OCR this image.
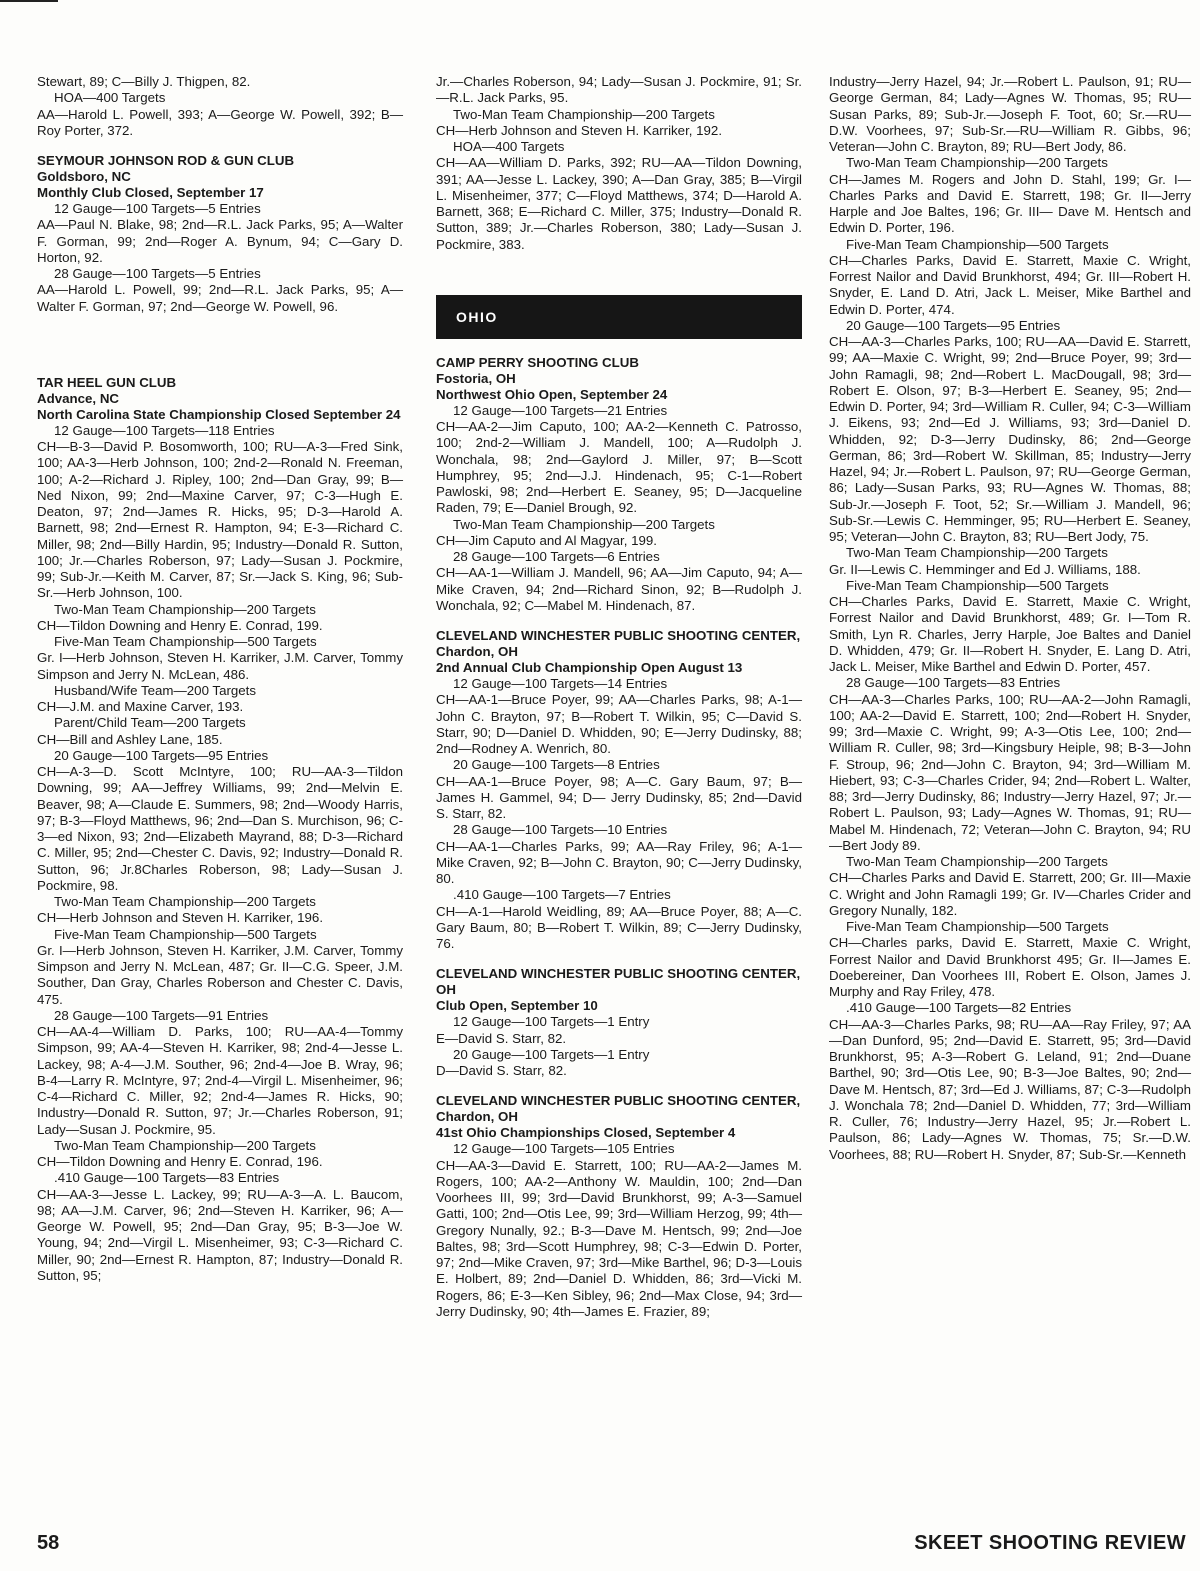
Stewart, 89; C—Billy J. Thigpen, 82.

HOA—400 Targets

AA—Harold L. Powell, 393; A—George W. Powell, 392; B—Roy Porter, 372.

SEYMOUR JOHNSON ROD & GUN CLUB

Goldsboro, NC

Monthly Club Closed, September 17

12 Gauge—100 Targets—5 Entries

AA—Paul N. Blake, 98; 2nd—R.L. Jack Parks, 95; A—Walter F. Gorman, 99; 2nd—Roger A. Bynum, 94; C—Gary D. Horton, 92.

28 Gauge—100 Targets—5 Entries

AA—Harold L. Powell, 99; 2nd—R.L. Jack Parks, 95; A—Walter F. Gorman, 97; 2nd—George W. Powell, 96.

TAR HEEL GUN CLUB

Advance, NC

North Carolina State Championship Closed September 24

12 Gauge—100 Targets—118 Entries

CH—B-3—David P. Bosomworth, 100; RU—A-3—Fred Sink, 100; AA-3—Herb Johnson, 100; 2nd-2—Ronald N. Freeman, 100; A-2—Richard J. Ripley, 100; 2nd—Dan Gray, 99; B—Ned Nixon, 99; 2nd—Maxine Carver, 97; C-3—Hugh E. Deaton, 97; 2nd—James R. Hicks, 95; D-3—Harold A. Barnett, 98; 2nd—Ernest R. Hampton, 94; E-3—Richard C. Miller, 98; 2nd—Billy Hardin, 95; Industry—Donald R. Sutton, 100; Jr.—Charles Roberson, 97; Lady—Susan J. Pockmire, 99; Sub-Jr.—Keith M. Carver, 87; Sr.—Jack S. King, 96; Sub-Sr.—Herb Johnson, 100.

Two-Man Team Championship—200 Targets

CH—Tildon Downing and Henry E. Conrad, 199.

Five-Man Team Championship—500 Targets

Gr. I—Herb Johnson, Steven H. Karriker, J.M. Carver, Tommy Simpson and Jerry N. McLean, 486.

Husband/Wife Team—200 Targets

CH—J.M. and Maxine Carver, 193.

Parent/Child Team—200 Targets

CH—Bill and Ashley Lane, 185.

20 Gauge—100 Targets—95 Entries

CH—A-3—D. Scott McIntyre, 100; RU—AA-3—Tildon Downing, 99; AA—Jeffrey Williams, 99; 2nd—Melvin E. Beaver, 98; A—Claude E. Summers, 98; 2nd—Woody Harris, 97; B-3—Floyd Matthews, 96; 2nd—Dan S. Murchison, 96; C-3—ed Nixon, 93; 2nd—Elizabeth Mayrand, 88; D-3—Richard C. Miller, 95; 2nd—Chester C. Davis, 92; Industry—Donald R. Sutton, 96; Jr.8Charles Roberson, 98; Lady—Susan J. Pockmire, 98.

Two-Man Team Championship—200 Targets

CH—Herb Johnson and Steven H. Karriker, 196.

Five-Man Team Championship—500 Targets

Gr. I—Herb Johnson, Steven H. Karriker, J.M. Carver, Tommy Simpson and Jerry N. McLean, 487; Gr. II—C.G. Speer, J.M. Souther, Dan Gray, Charles Roberson and Chester C. Davis, 475.

28 Gauge—100 Targets—91 Entries

CH—AA-4—William D. Parks, 100; RU—AA-4—Tommy Simpson, 99; AA-4—Steven H. Karriker, 98; 2nd-4—Jesse L. Lackey, 98; A-4—J.M. Souther, 96; 2nd-4—Joe B. Wray, 96; B-4—Larry R. McIntyre, 97; 2nd-4—Virgil L. Misenheimer, 96; C-4—Richard C. Miller, 92; 2nd-4—James R. Hicks, 90; Industry—Donald R. Sutton, 97; Jr.—Charles Roberson, 91; Lady—Susan J. Pockmire, 95.

Two-Man Team Championship—200 Targets

CH—Tildon Downing and Henry E. Conrad, 196.

.410 Gauge—100 Targets—83 Entries

CH—AA-3—Jesse L. Lackey, 99; RU—A-3—A. L. Baucom, 98; AA—J.M. Carver, 96; 2nd—Steven H. Karriker, 96; A—George W. Powell, 95; 2nd—Dan Gray, 95; B-3—Joe W. Young, 94; 2nd—Virgil L. Misenheimer, 93; C-3—Richard C. Miller, 90; 2nd—Ernest R. Hampton, 87; Industry—Donald R. Sutton, 95;

Jr.—Charles Roberson, 94; Lady—Susan J. Pockmire, 91; Sr.—R.L. Jack Parks, 95.

Two-Man Team Championship—200 Targets

CH—Herb Johnson and Steven H. Karriker, 192.

HOA—400 Targets

CH—AA—William D. Parks, 392; RU—AA—Tildon Downing, 391; AA—Jesse L. Lackey, 390; A—Dan Gray, 385; B—Virgil L. Misenheimer, 377; C—Floyd Matthews, 374; D—Harold A. Barnett, 368; E—Richard C. Miller, 375; Industry—Donald R. Sutton, 389; Jr.—Charles Roberson, 380; Lady—Susan J. Pockmire, 383.

OHIO

CAMP PERRY SHOOTING CLUB

Fostoria, OH

Northwest Ohio Open, September 24

12 Gauge—100 Targets—21 Entries

CH—AA-2—Jim Caputo, 100; AA-2—Kenneth C. Patrosso, 100; 2nd-2—William J. Mandell, 100; A—Rudolph J. Wonchala, 98; 2nd—Gaylord J. Miller, 97; B—Scott Humphrey, 95; 2nd—J.J. Hindenach, 95; C-1—Robert Pawloski, 98; 2nd—Herbert E. Seaney, 95; D—Jacqueline Raden, 79; E—Daniel Brough, 92.

Two-Man Team Championship—200 Targets

CH—Jim Caputo and Al Magyar, 199.

28 Gauge—100 Targets—6 Entries

CH—AA-1—William J. Mandell, 96; AA—Jim Caputo, 94; A—Mike Craven, 94; 2nd—Richard Sinon, 92; B—Rudolph J. Wonchala, 92; C—Mabel M. Hindenach, 87.

CLEVELAND WINCHESTER PUBLIC SHOOTING CENTER, Chardon, OH

2nd Annual Club Championship Open August 13

12 Gauge—100 Targets—14 Entries

CH—AA-1—Bruce Poyer, 99; AA—Charles Parks, 98; A-1—John C. Brayton, 97; B—Robert T. Wilkin, 95; C—David S. Starr, 90; D—Daniel D. Whidden, 90; E—Jerry Dudinsky, 88; 2nd—Rodney A. Wenrich, 80.

20 Gauge—100 Targets—8 Entries

CH—AA-1—Bruce Poyer, 98; A—C. Gary Baum, 97; B—James H. Gammel, 94; D— Jerry Dudinsky, 85; 2nd—David S. Starr, 82.

28 Gauge—100 Targets—10 Entries

CH—AA-1—Charles Parks, 99; AA—Ray Friley, 96; A-1—Mike Craven, 92; B—John C. Brayton, 90; C—Jerry Dudinsky, 80.

.410 Gauge—100 Targets—7 Entries

CH—A-1—Harold Weidling, 89; AA—Bruce Poyer, 88; A—C. Gary Baum, 80; B—Robert T. Wilkin, 89; C—Jerry Dudinsky, 76.

CLEVELAND WINCHESTER PUBLIC SHOOTING CENTER, OH

Club Open, September 10

12 Gauge—100 Targets—1 Entry

E—David S. Starr, 82.

20 Gauge—100 Targets—1 Entry

D—David S. Starr, 82.

CLEVELAND WINCHESTER PUBLIC SHOOTING CENTER, Chardon, OH

41st Ohio Championships Closed, September 4

12 Gauge—100 Targets—105 Entries

CH—AA-3—David E. Starrett, 100; RU—AA-2—James M. Rogers, 100; AA-2—Anthony W. Mauldin, 100; 2nd—Dan Voorhees III, 99; 3rd—David Brunkhorst, 99; A-3—Samuel Gatti, 100; 2nd—Otis Lee, 99; 3rd—William Herzog, 99; 4th—Gregory Nunally, 92.; B-3—Dave M. Hentsch, 99; 2nd—Joe Baltes, 98; 3rd—Scott Humphrey, 98; C-3—Edwin D. Porter, 97; 2nd—Mike Craven, 97; 3rd—Mike Barthel, 96; D-3—Louis E. Holbert, 89; 2nd—Daniel D. Whidden, 86; 3rd—Vicki M. Rogers, 86; E-3—Ken Sibley, 96; 2nd—Max Close, 94; 3rd—Jerry Dudinsky, 90; 4th—James E. Frazier, 89;

Industry—Jerry Hazel, 94; Jr.—Robert L. Paulson, 91; RU—George German, 84; Lady—Agnes W. Thomas, 95; RU—Susan Parks, 89; Sub-Jr.—Joseph F. Toot, 60; Sr.—RU—D.W. Voorhees, 97; Sub-Sr.—RU—William R. Gibbs, 96; Veteran—John C. Brayton, 89; RU—Bert Jody, 86.

Two-Man Team Championship—200 Targets

CH—James M. Rogers and John D. Stahl, 199; Gr. I—Charles Parks and David E. Starrett, 198; Gr. II—Jerry Harple and Joe Baltes, 196; Gr. III— Dave M. Hentsch and Edwin D. Porter, 196.

Five-Man Team Championship—500 Targets

CH—Charles Parks, David E. Starrett, Maxie C. Wright, Forrest Nailor and David Brunkhorst, 494; Gr. III—Robert H. Snyder, E. Land D. Atri, Jack L. Meiser, Mike Barthel and Edwin D. Porter, 474.

20 Gauge—100 Targets—95 Entries

CH—AA-3—Charles Parks, 100; RU—AA—David E. Starrett, 99; AA—Maxie C. Wright, 99; 2nd—Bruce Poyer, 99; 3rd—John Ramagli, 98; 2nd—Robert L. MacDougall, 98; 3rd—Robert E. Olson, 97; B-3—Herbert E. Seaney, 95; 2nd—Edwin D. Porter, 94; 3rd—William R. Culler, 94; C-3—William J. Eikens, 93; 2nd—Ed J. Williams, 93; 3rd—Daniel D. Whidden, 92; D-3—Jerry Dudinsky, 86; 2nd—George German, 86; 3rd—Robert W. Skillman, 85; Industry—Jerry Hazel, 94; Jr.—Robert L. Paulson, 97; RU—George German, 86; Lady—Susan Parks, 93; RU—Agnes W. Thomas, 88; Sub-Jr.—Joseph F. Toot, 52; Sr.—William J. Mandell, 96; Sub-Sr.—Lewis C. Hemminger, 95; RU—Herbert E. Seaney, 95; Veteran—John C. Brayton, 83; RU—Bert Jody, 75.

Two-Man Team Championship—200 Targets

Gr. II—Lewis C. Hemminger and Ed J. Williams, 188.

Five-Man Team Championship—500 Targets

CH—Charles Parks, David E. Starrett, Maxie C. Wright, Forrest Nailor and David Brunkhorst, 489; Gr. I—Tom R. Smith, Lyn R. Charles, Jerry Harple, Joe Baltes and Daniel D. Whidden, 479; Gr. II—Robert H. Snyder, E. Lang D. Atri, Jack L. Meiser, Mike Barthel and Edwin D. Porter, 457.

28 Gauge—100 Targets—83 Entries

CH—AA-3—Charles Parks, 100; RU—AA-2—John Ramagli, 100; AA-2—David E. Starrett, 100; 2nd—Robert H. Snyder, 99; 3rd—Maxie C. Wright, 99; A-3—Otis Lee, 100; 2nd—William R. Culler, 98; 3rd—Kingsbury Heiple, 98; B-3—John F. Stroup, 96; 2nd—John C. Brayton, 94; 3rd—William M. Hiebert, 93; C-3—Charles Crider, 94; 2nd—Robert L. Walter, 88; 3rd—Jerry Dudinsky, 86; Industry—Jerry Hazel, 97; Jr.—Robert L. Paulson, 93; Lady—Agnes W. Thomas, 91; RU—Mabel M. Hindenach, 72; Veteran—John C. Brayton, 94; RU—Bert Jody 89.

Two-Man Team Championship—200 Targets

CH—Charles Parks and David E. Starrett, 200; Gr. III—Maxie C. Wright and John Ramagli 199; Gr. IV—Charles Crider and Gregory Nunally, 182.

Five-Man Team Championship—500 Targets

CH—Charles parks, David E. Starrett, Maxie C. Wright, Forrest Nailor and David Brunkhorst 495; Gr. II—James E. Doebereiner, Dan Voorhees III, Robert E. Olson, James J. Murphy and Ray Friley, 478.

.410 Gauge—100 Targets—82 Entries

CH—AA-3—Charles Parks, 98; RU—AA—Ray Friley, 97; AA—Dan Dunford, 95; 2nd—David E. Starrett, 95; 3rd—David Brunkhorst, 95; A-3—Robert G. Leland, 91; 2nd—Duane Barthel, 90; 3rd—Otis Lee, 90; B-3—Joe Baltes, 90; 2nd—Dave M. Hentsch, 87; 3rd—Ed J. Williams, 87; C-3—Rudolph J. Wonchala 78; 2nd—Daniel D. Whidden, 77; 3rd—William R. Culler, 76; Industry—Jerry Hazel, 95; Jr.—Robert L. Paulson, 86; Lady—Agnes W. Thomas, 75; Sr.—D.W. Voorhees, 88; RU—Robert H. Snyder, 87; Sub-Sr.—Kenneth

58	SKEET SHOOTING REVIEW
